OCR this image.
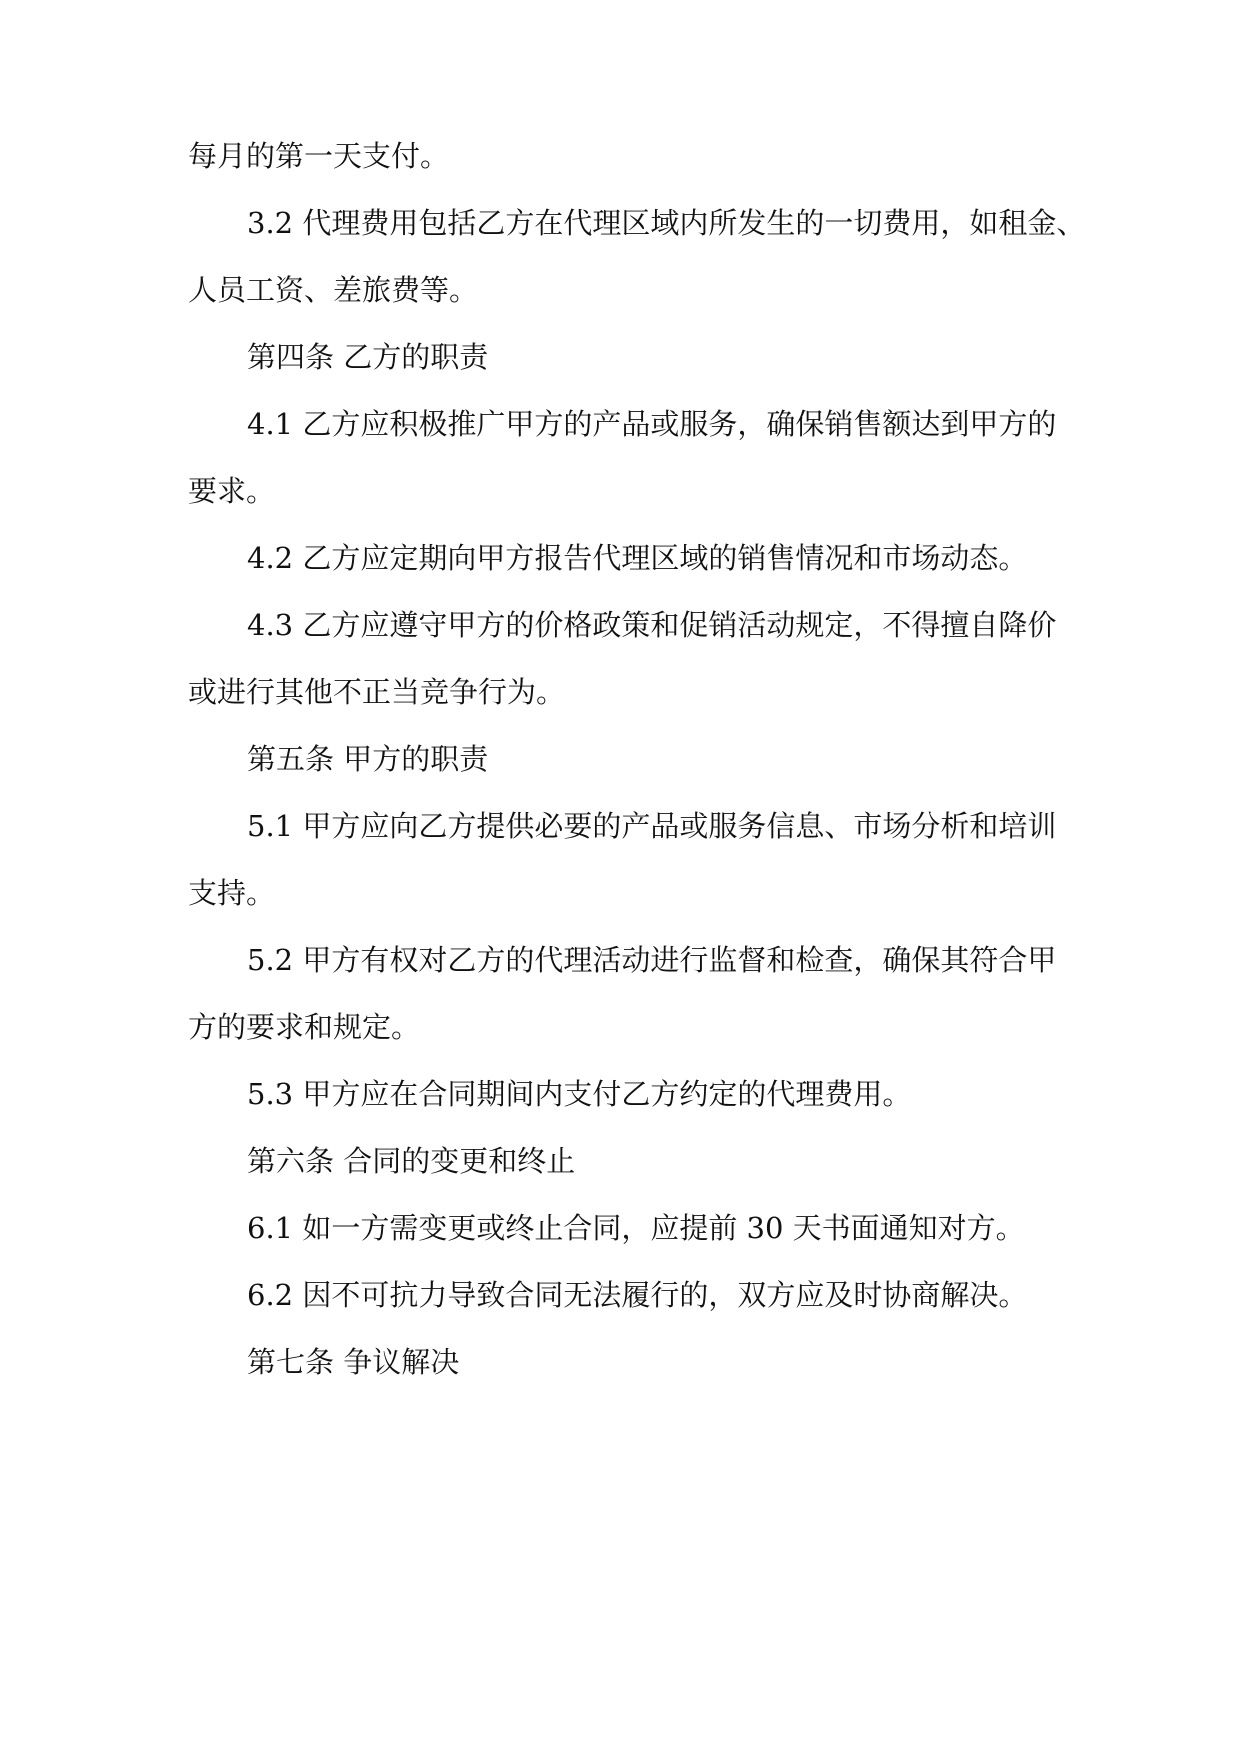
每月的第一天支付。

3.2 代理费用包括乙方在代理区域内所发生的一切费用，如租金、

人员工资、差旅费等。

第四条 乙方的职责

4.1 乙方应积极推广甲方的产品或服务，确保销售额达到甲方的

要求。

4.2 乙方应定期向甲方报告代理区域的销售情况和市场动态。

4.3 乙方应遵守甲方的价格政策和促销活动规定，不得擅自降价

或进行其他不正当竞争行为。

第五条 甲方的职责

5.1 甲方应向乙方提供必要的产品或服务信息、市场分析和培训

支持。

5.2 甲方有权对乙方的代理活动进行监督和检查，确保其符合甲

方的要求和规定。

5.3 甲方应在合同期间内支付乙方约定的代理费用。

第六条 合同的变更和终止

6.1 如一方需变更或终止合同，应提前 30 天书面通知对方。

6.2 因不可抗力导致合同无法履行的，双方应及时协商解决。

第七条 争议解决
